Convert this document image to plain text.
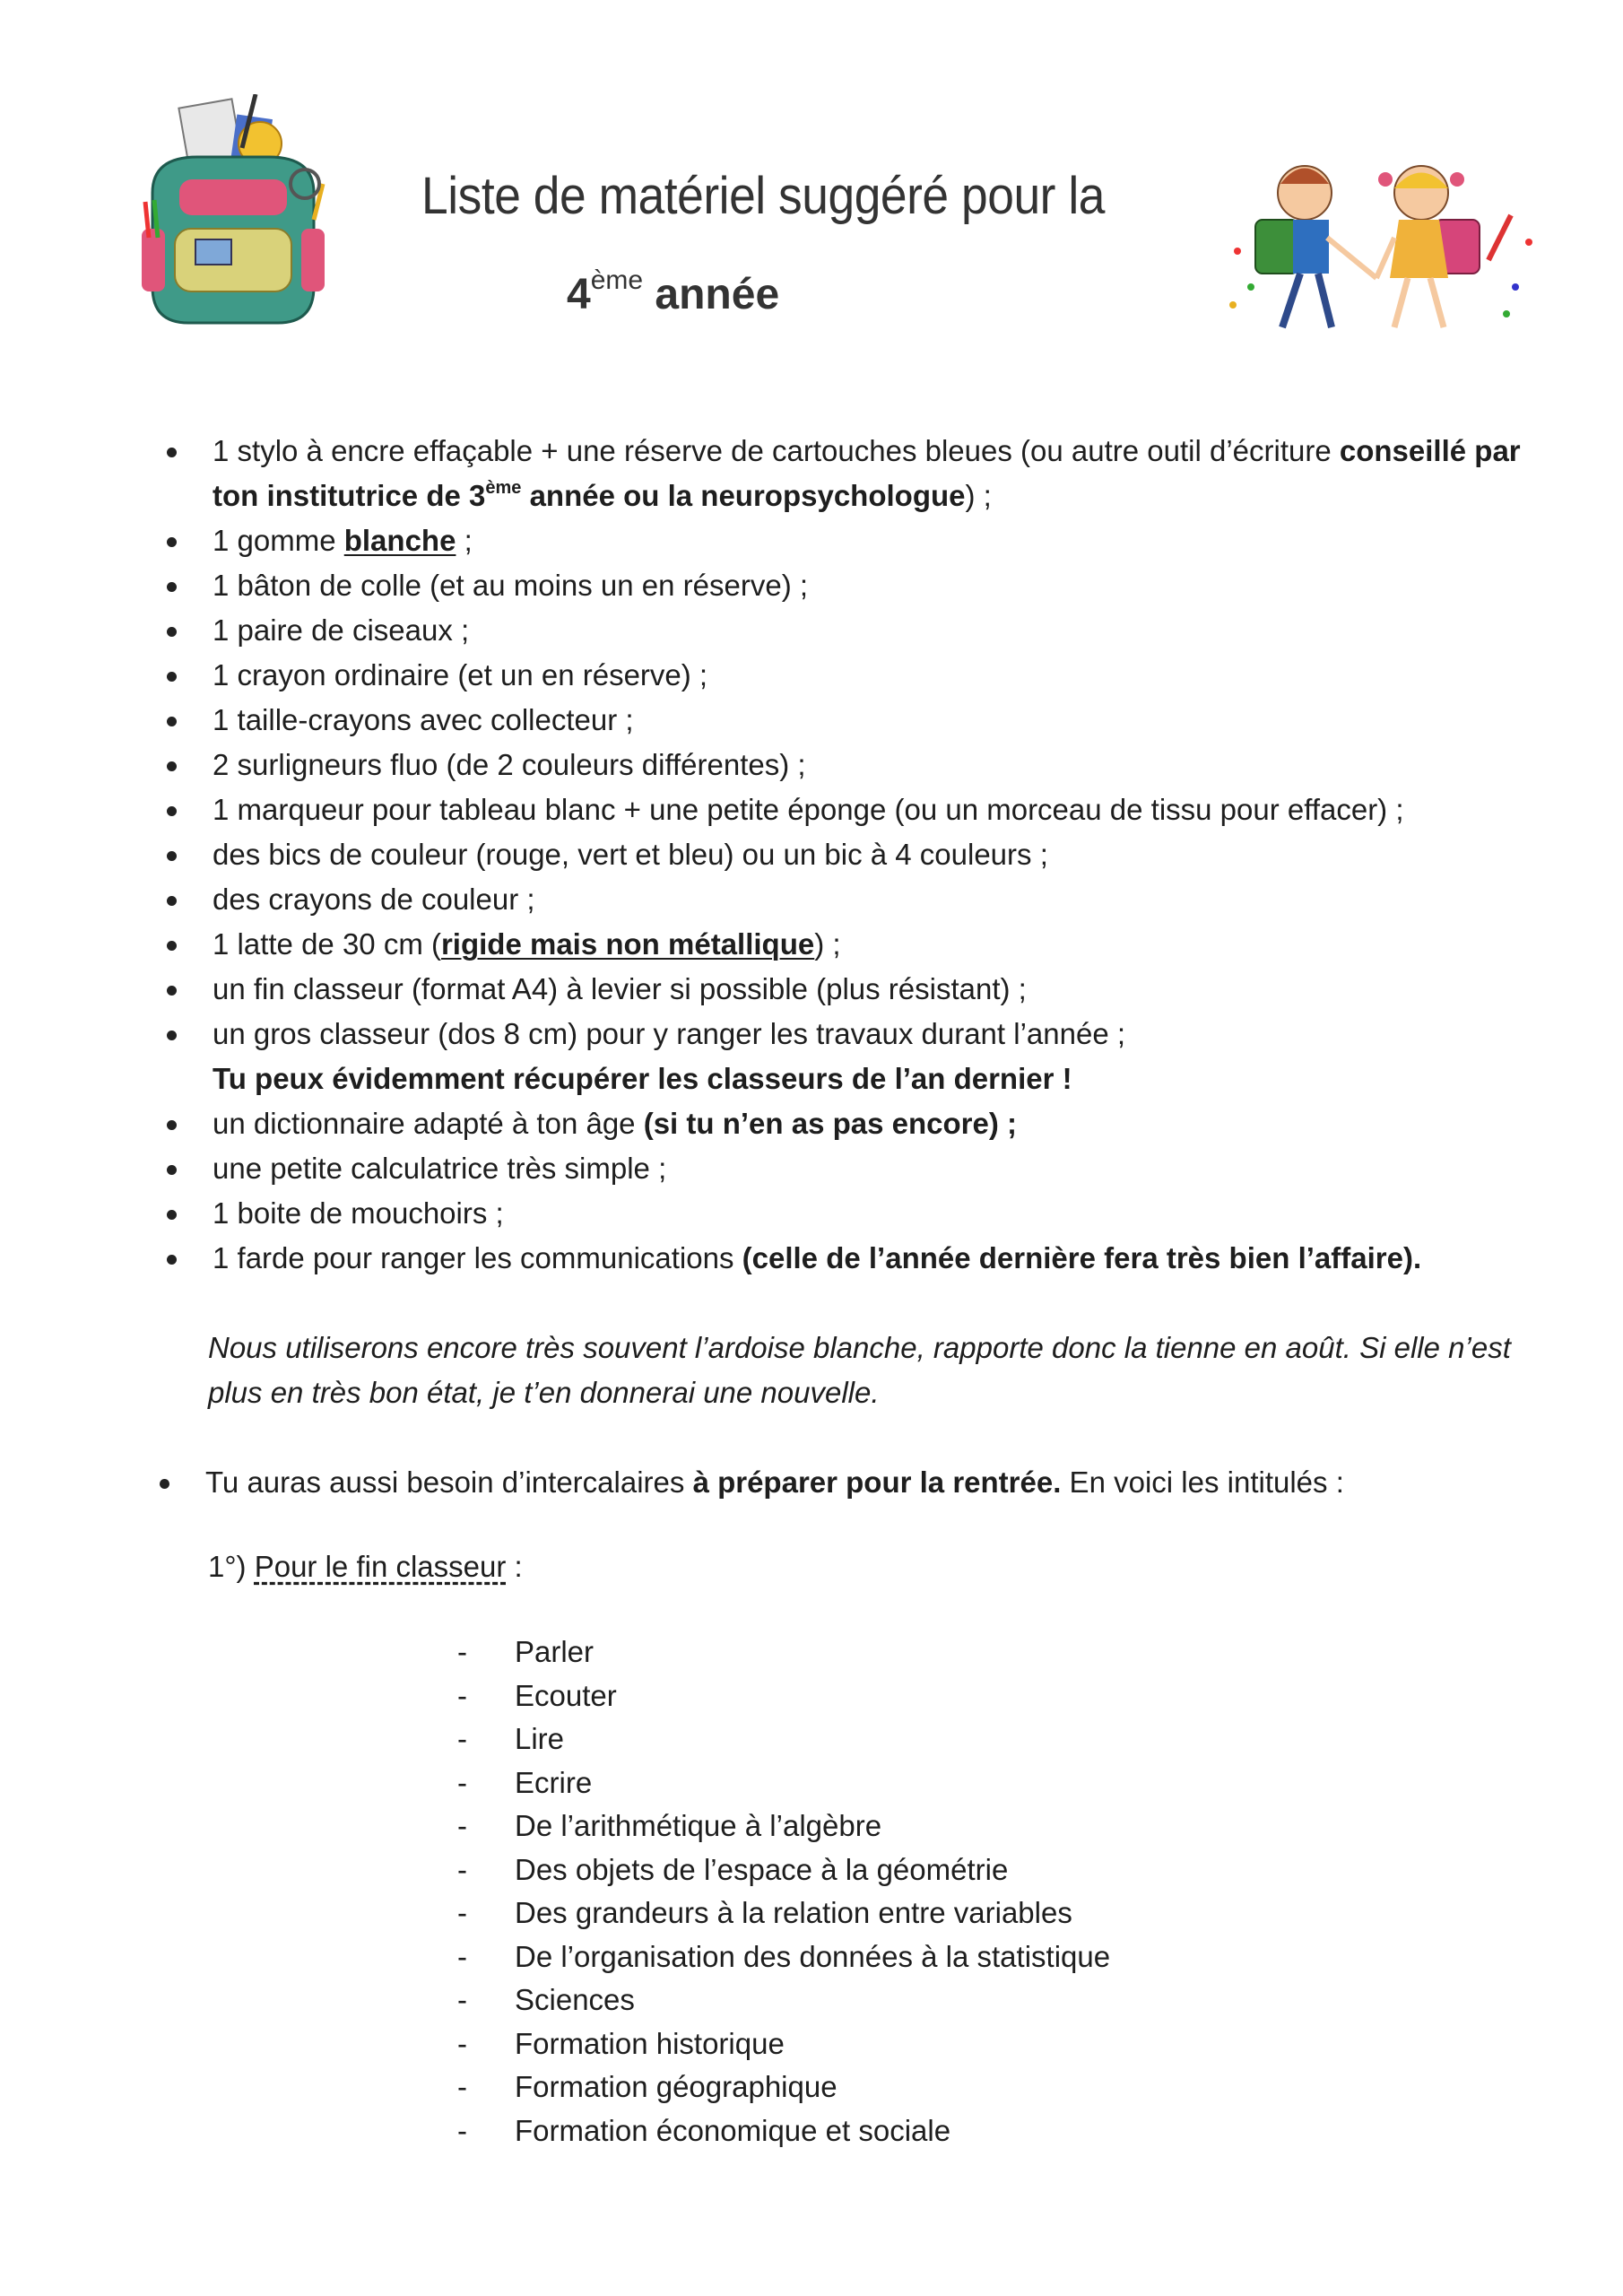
Liste de matériel suggéré pour la
4ème année
1 stylo à encre effaçable + une réserve de cartouches bleues (ou autre outil d’écriture conseillé par ton institutrice de 3ème année ou la neuropsychologue) ;
1 gomme blanche ;
1 bâton de colle (et au moins un en réserve) ;
1 paire de ciseaux ;
1 crayon ordinaire (et un en réserve) ;
1 taille-crayons avec collecteur ;
2 surligneurs fluo (de 2 couleurs différentes) ;
1 marqueur pour tableau blanc + une petite éponge (ou un morceau de tissu pour effacer) ;
des bics de couleur (rouge, vert et bleu) ou un bic à 4 couleurs ;
des crayons de couleur ;
1 latte de 30 cm (rigide mais non métallique) ;
un fin classeur (format A4) à levier si possible (plus résistant) ;
un gros classeur (dos 8 cm) pour y ranger les travaux durant l’année ;
Tu peux évidemment récupérer les classeurs de l’an dernier !
un dictionnaire adapté à ton âge (si tu n’en as pas encore) ;
une petite calculatrice très simple ;
1 boite de mouchoirs ;
1 farde pour ranger les communications (celle de l’année dernière fera très bien l’affaire).
Nous utiliserons encore très souvent l’ardoise blanche, rapporte donc la tienne en août. Si elle n’est plus en très bon état, je t’en donnerai une nouvelle.
Tu auras aussi besoin d’intercalaires à préparer pour la rentrée. En voici les intitulés :
1°) Pour le fin classeur :
- Parler
- Ecouter
- Lire
- Ecrire
- De l’arithmétique à l’algèbre
- Des objets de l’espace à la géométrie
- Des grandeurs à la relation entre variables
- De l’organisation des données à la statistique
- Sciences
- Formation historique
- Formation géographique
- Formation économique et sociale
